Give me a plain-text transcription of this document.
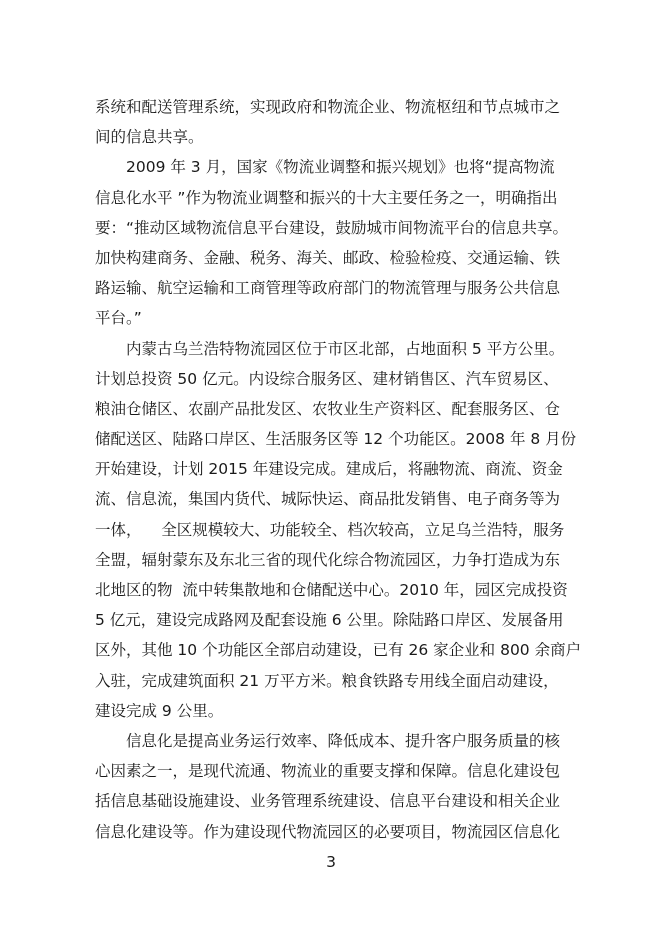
系统和配送管理系统，实现政府和物流企业、物流枢纽和节点城市之
间的信息共享。
2009 年 3 月，国家《物流业调整和振兴规划》也将“提高物流
信息化水平 ”作为物流业调整和振兴的十大主要任务之一，明确指出
要：“推动区域物流信息平台建设，鼓励城市间物流平台的信息共享。
加快构建商务、金融、税务、海关、邮政、检验检疫、交通运输、铁
路运输、航空运输和工商管理等政府部门的物流管理与服务公共信息
平台。”
内蒙古乌兰浩特物流园区位于市区北部，占地面积 5 平方公里。
计划总投资 50 亿元。内设综合服务区、建材销售区、汽车贸易区、
粮油仓储区、农副产品批发区、农牧业生产资料区、配套服务区、仓
储配送区、陆路口岸区、生活服务区等 12 个功能区。2008 年 8 月份
开始建设，计划 2015 年建设完成。建成后，将融物流、商流、资金
流、信息流，集国内货代、城际快运、商品批发销售、电子商务等为
一体，    全区规模较大、功能较全、档次较高，立足乌兰浩特，服务
全盟，辐射蒙东及东北三省的现代化综合物流园区，力争打造成为东
北地区的物  流中转集散地和仓储配送中心。2010 年，园区完成投资
5 亿元，建设完成路网及配套设施 6 公里。除陆路口岸区、发展备用
区外，其他 10 个功能区全部启动建设，已有 26 家企业和 800 余商户
入驻，完成建筑面积 21 万平方米。粮食铁路专用线全面启动建设，
建设完成 9 公里。
信息化是提高业务运行效率、降低成本、提升客户服务质量的核
心因素之一，是现代流通、物流业的重要支撑和保障。信息化建设包
括信息基础设施建设、业务管理系统建设、信息平台建设和相关企业
信息化建设等。作为建设现代物流园区的必要项目，物流园区信息化
3
